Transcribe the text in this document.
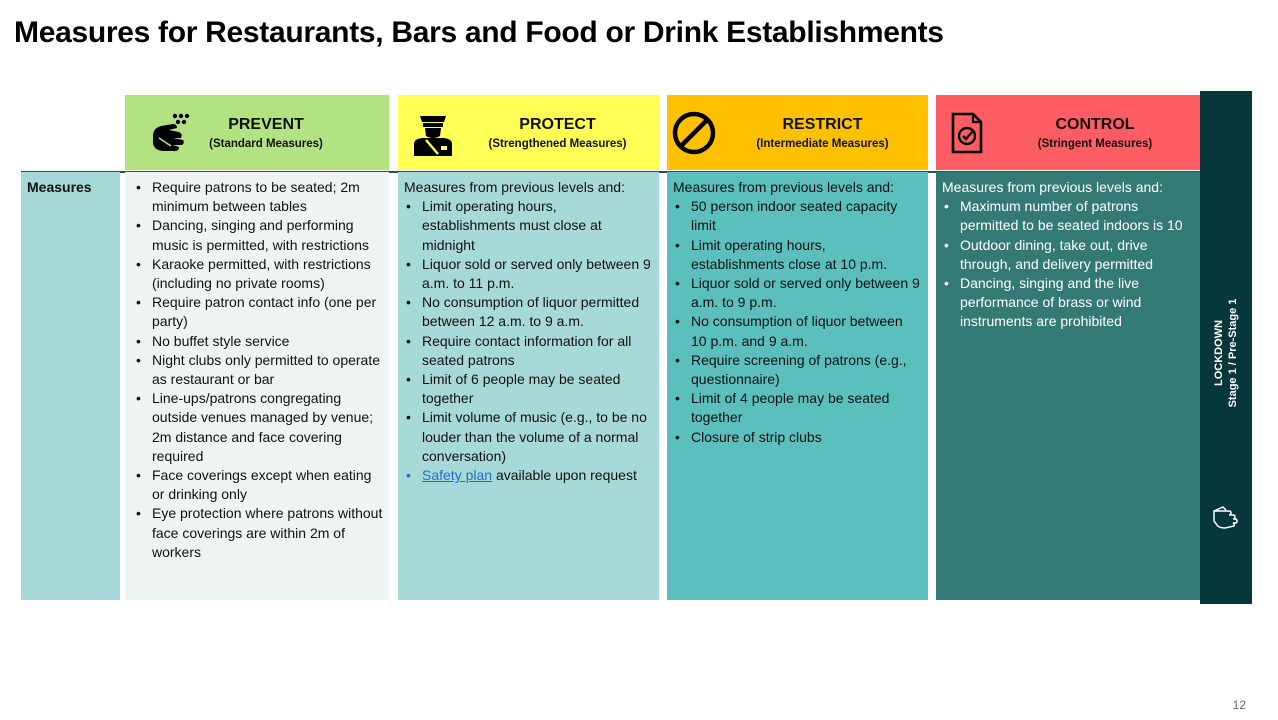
Measures for Restaurants, Bars and Food or Drink Establishments
PREVENT
(Standard Measures)
PROTECT
(Strengthened Measures)
RESTRICT
(Intermediate Measures)
CONTROL
(Stringent Measures)
Measures
•	Require patrons to be seated; 2m minimum between tables
• Dancing, singing and performing music is permitted, with restrictions
• Karaoke permitted, with restrictions (including no private rooms)
• Require patron contact info (one per party)
• No buffet style service
• Night clubs only permitted to operate as restaurant or bar
• Line-ups/patrons congregating outside venues managed by venue; 2m distance and face covering required
• Face coverings except when eating or drinking only
• Eye protection where patrons without face coverings are within 2m of workers
Measures from previous levels and:
• Limit operating hours, establishments must close at midnight
• Liquor sold or served only between 9 a.m. to 11 p.m.
• No consumption of liquor permitted between 12 a.m. to 9 a.m.
• Require contact information for all seated patrons
• Limit of 6 people may be seated together
• Limit volume of music (e.g., to be no louder than the volume of a normal conversation)
• Safety plan available upon request
Measures from previous levels and:
• 50 person indoor seated capacity limit
• Limit operating hours, establishments close at 10 p.m.
• Liquor sold or served only between 9 a.m. to 9 p.m.
• No consumption of liquor between 10 p.m. and 9 a.m.
• Require screening of patrons (e.g., questionnaire)
• Limit of 4 people may be seated together
• Closure of strip clubs
Measures from previous levels and:
• Maximum number of patrons permitted to be seated indoors is 10
• Outdoor dining, take out, drive through, and delivery permitted
• Dancing, singing and the live performance of brass or wind instruments are prohibited	LOCKDOWN Stage 1 / Pre-Stage 1
12
